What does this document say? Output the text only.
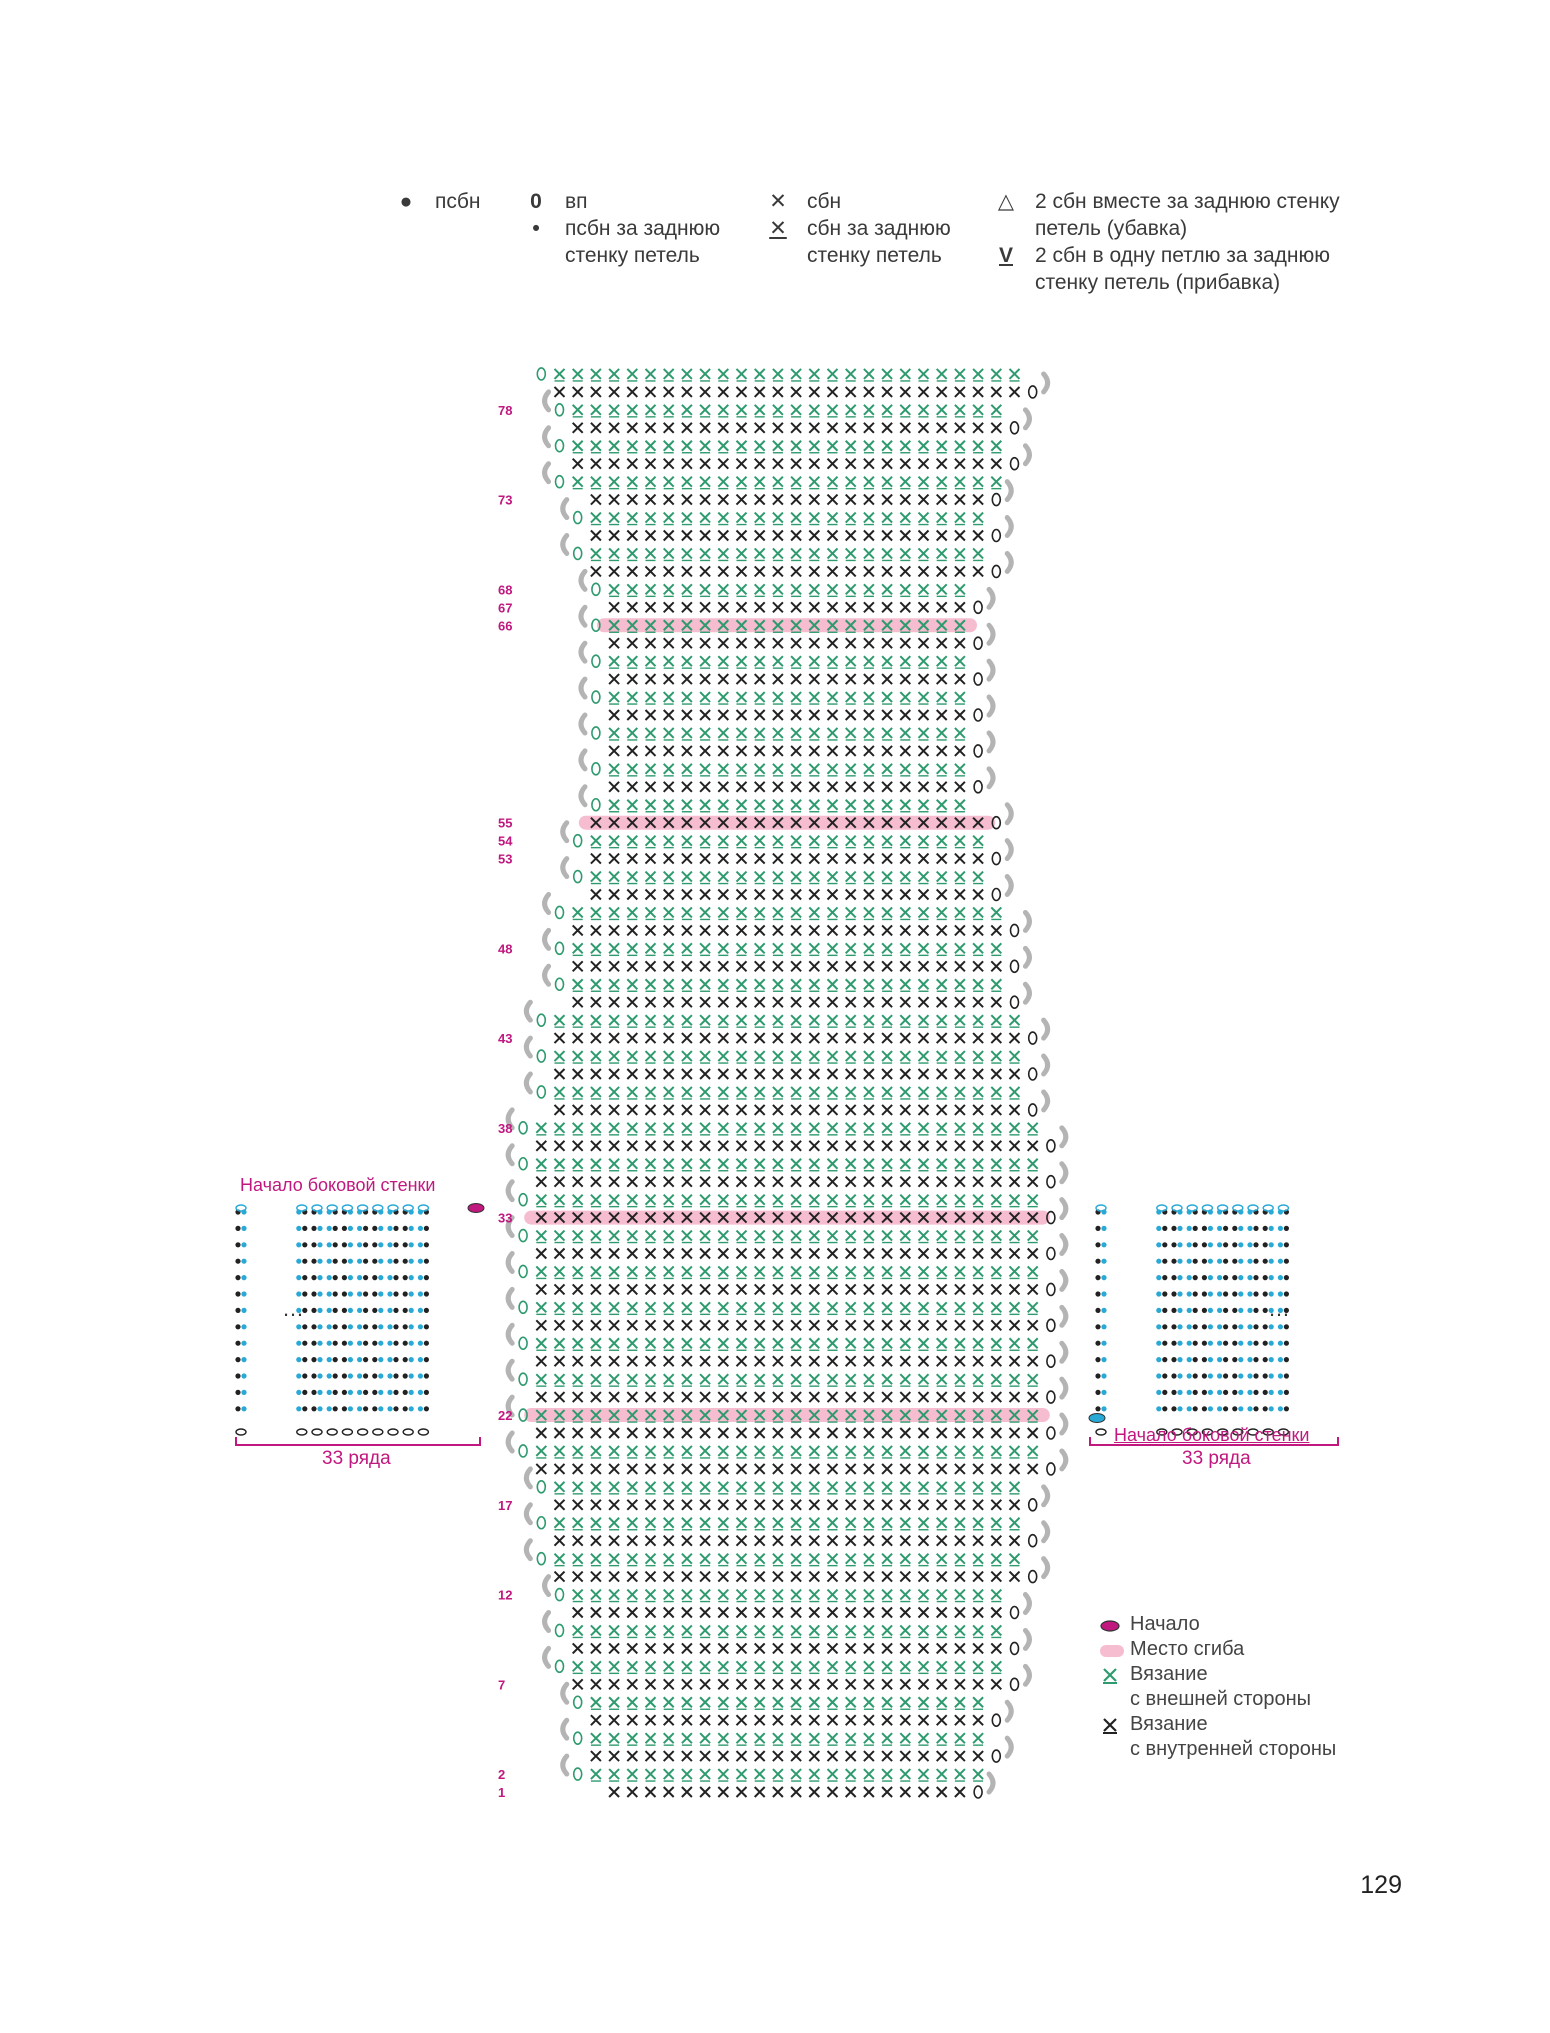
● псбн 0 вп
•	псбн за заднюю
стенку петель
✕ сбн
✕ сбн за заднюю
стенку петель
△ 2 сбн вместе за заднюю стенку
петель (убавка)
V 2 сбн в одну петлю за заднюю
стенку петель (прибавка)
78
73
68
67
66
55
54
53
48
43
38
33
22
17
12
7
2
1
Начало боковой стенки
33 ряда
Начало боковой стенки
33 ряда
…	…
Начало
Место сгиба
Вязание
с внешней стороны
Вязание
с внутренней стороны
129
